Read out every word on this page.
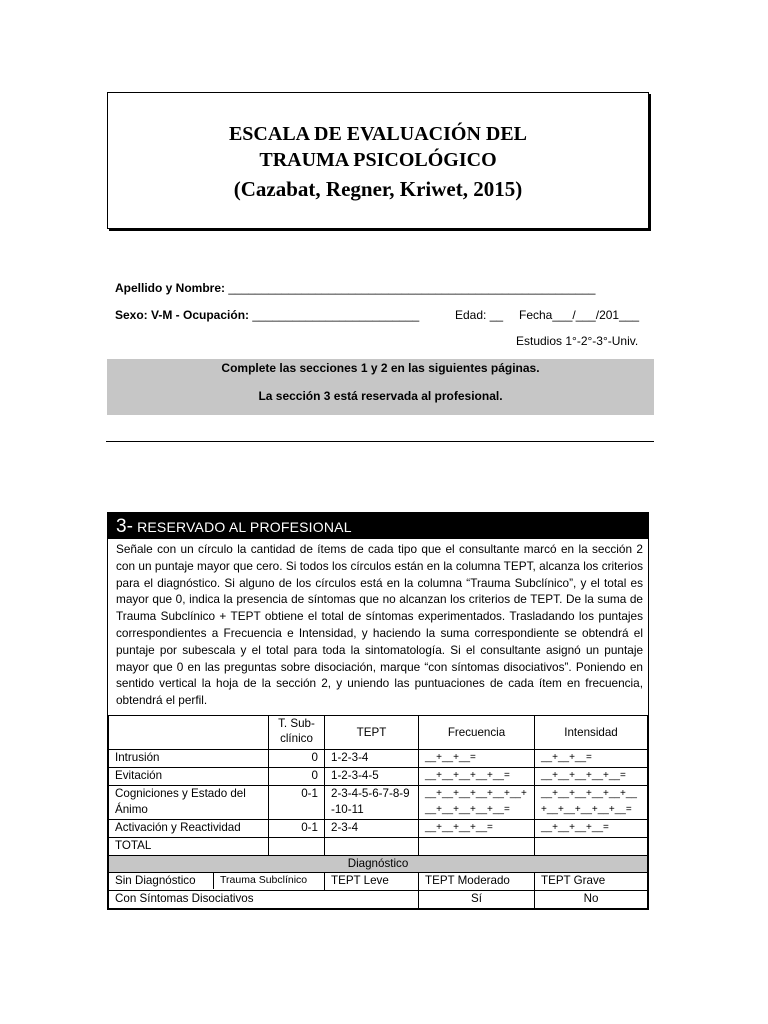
ESCALA DE EVALUACIÓN DEL
TRAUMA PSICOLÓGICO
(Cazabat, Regner, Kriwet, 2015)
Apellido y Nombre: _______________________________________________________
Sexo: V-M - Ocupación: _________________________	Edad: __ Fecha___/___/201___
Estudios 1°-2°-3°-Univ.
Complete las secciones 1 y 2 en las siguientes páginas.
La sección 3 está reservada al profesional.
3- RESERVADO AL PROFESIONAL
Señale con un círculo la cantidad de ítems de cada tipo que el consultante marcó en la sección 2 con un puntaje mayor que cero. Si todos los círculos están en la columna TEPT, alcanza los criterios para el diagnóstico. Si alguno de los círculos está en la columna “Trauma Subclínico”, y el total es mayor que 0, indica la presencia de síntomas que no alcanzan los criterios de TEPT. De la suma de Trauma Subclínico + TEPT obtiene el total de síntomas experimentados. Trasladando los puntajes correspondientes a Frecuencia e Intensidad, y haciendo la suma correspondiente se obtendrá el puntaje por subescala y el total para toda la sintomatología. Si el consultante asignó un puntaje mayor que 0 en las preguntas sobre disociación, marque “con síntomas disociativos”. Poniendo en sentido vertical la hoja de la sección 2, y uniendo las puntuaciones de cada ítem en frecuencia, obtendrá el perfil.
	T. Sub-clínico	TEPT	Frecuencia	Intensidad
Intrusión	0	1-2-3-4	__+__+__=	__+__+__=
Evitación	0	1-2-3-4-5	__+__+__+__+__=	__+__+__+__+__=
Cogniciones y Estado del Ánimo	0-1	2-3-4-5-6-7-8-9-10-11	__+__+__+__+__+__+__+__+__+__+__=	__+__+__+__+__+__+__+__+__+__+__=
Activación y Reactividad	0-1	2-3-4	__+__+__+__=	__+__+__+__=
TOTAL				
Diagnóstico				

Sin Diagnóstico Trauma Subclínico		TEPT Leve	TEPT Moderado	TEPT Grave
Con Síntomas Disociativos			Sí	No
